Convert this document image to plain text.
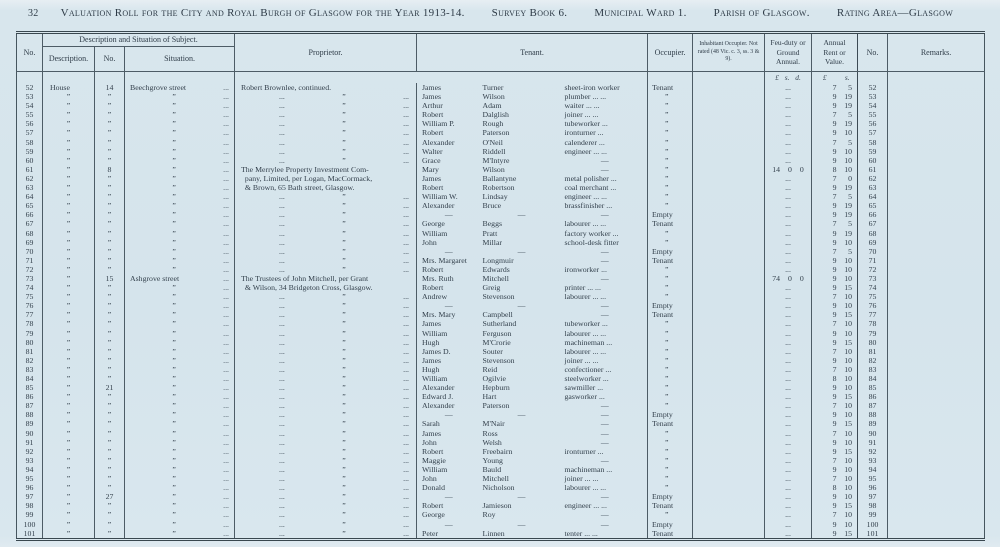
32 Valuation Roll for the City and Royal Burgh of Glasgow for the Year 1913-14. Survey Book 6. Municipal Ward 1. Parish of Glasgow. Rating Area—Glasgow
No.	Description and Situation of Subject.			Proprietor.	Tenant.			Occupier.	Inhabitant Occupier. Not rated (48 Vic. c. 3, ss. 3 & 9).	Feu-duty or Ground Annual.	Annual Rent or Value.		No.	Remarks.
	Description.	No.	Situation.											
										£ s. d.	£	s.		
52	House	14	Beechgrove street ...	Robert Brownlee, continued.	James	Turner	sheet-iron worker	Tenant		...	7	5	52	
53	”	”	” ...	... ” ...	James	Wilson	plumber ... ...	”		...	9	19	53	
54	”	”	” ...	... ” ...	Arthur	Adam	waiter ... ...	”		...	9	19	54	
55	”	”	” ...	... ” ...	Robert	Dalglish	joiner ... ...	”		...	7	5	55	
56	”	”	” ...	... ” ...	William P.	Rough	tubeworker ...	”		...	9	19	56	
57	”	”	” ...	... ” ...	Robert	Paterson	ironturner ...	”		...	9	10	57	
58	”	”	” ...	... ” ...	Alexander	O'Neil	calenderer ...	”		...	7	5	58	
59	”	”	” ...	... ” ...	Walter	Riddell	engineer ... ...	”		...	9	10	59	
60	”	”	” ...	... ” ...	Grace	M'Intyre	—	”		...	9	10	60	
61	”	8	” ...	The Merrylee Property Investment Com-	Mary	Wilson	—	”		14 0 0	8	10	61	
62	”	”	” ...	pany, Limited, per Logan, MacCormack,	James	Ballantyne	metal polisher ...	”		...	7	0	62	
63	”	”	” ...	& Brown, 65 Bath street, Glasgow.	Robert	Robertson	coal merchant ...	”		...	9	19	63	
64	”	”	” ...	... ” ...	William W.	Lindsay	engineer ... ...	”		...	7	5	64	
65	”	”	” ...	... ” ...	Alexander	Bruce	brassfinisher ...	”		...	9	19	65	
66	”	”	” ...	... ” ...	—	—	—	Empty		...	9	19	66	
67	”	”	” ...	... ” ...	George	Beggs	labourer ... ...	Tenant		...	7	5	67	
68	”	”	” ...	... ” ...	William	Pratt	factory worker ...	”		...	9	19	68	
69	”	”	” ...	... ” ...	John	Millar	school-desk fitter	”		...	9	10	69	
70	”	”	” ...	... ” ...	—	—	—	Empty		...	7	5	70	
71	”	”	” ...	... ” ...	Mrs. Margaret	Longmuir	—	Tenant		...	9	10	71	
72	”	”	” ...	... ” ...	Robert	Edwards	ironworker ...	”		...	9	10	72	
73	”	15	Ashgrove street ...	The Trustees of John Mitchell, per Grant	Mrs. Ruth	Mitchell	—	”		74 0 0	9	10	73	
74	”	”	” ...	& Wilson, 34 Bridgeton Cross, Glasgow.	Robert	Greig	printer ... ...	”		...	9	15	74	
75	”	”	” ...	... ” ...	Andrew	Stevenson	labourer ... ...	”		...	7	10	75	
76	”	”	” ...	... ” ...	—	—	—	Empty		...	9	10	76	
77	”	”	” ...	... ” ...	Mrs. Mary	Campbell	—	Tenant		...	9	15	77	
78	”	”	” ...	... ” ...	James	Sutherland	tubeworker ...	”		...	7	10	78	
79	”	”	” ...	... ” ...	William	Ferguson	labourer ... ...	”		...	9	10	79	
80	”	”	” ...	... ” ...	Hugh	M'Crorie	machineman ...	”		...	9	15	80	
81	”	”	” ...	... ” ...	James D.	Souter	labourer ... ...	”		...	7	10	81	
82	”	”	” ...	... ” ...	James	Stevenson	joiner ... ...	”		...	9	10	82	
83	”	”	” ...	... ” ...	Hugh	Reid	confectioner ...	”		...	7	10	83	
84	”	”	” ...	... ” ...	William	Ogilvie	steelworker ...	”		...	8	10	84	
85	”	21	” ...	... ” ...	Alexander	Hepburn	sawmiller ...	”		...	9	10	85	
86	”	”	” ...	... ” ...	Edward J.	Hart	gasworker ...	”		...	9	15	86	
87	”	”	” ...	... ” ...	Alexander	Paterson	—	”		...	7	10	87	
88	”	”	” ...	... ” ...	—	—	—	Empty		...	9	10	88	
89	”	”	” ...	... ” ...	Sarah	M'Nair	—	Tenant		...	9	15	89	
90	”	”	” ...	... ” ...	James	Ross	—	”		...	7	10	90	
91	”	”	” ...	... ” ...	John	Welsh	—	”		...	9	10	91	
92	”	”	” ...	... ” ...	Robert	Freebairn	ironturner ...	”		...	9	15	92	
93	”	”	” ...	... ” ...	Maggie	Young	—	”		...	7	10	93	
94	”	”	” ...	... ” ...	William	Bauld	machineman ...	”		...	9	10	94	
95	”	”	” ...	... ” ...	John	Mitchell	joiner ... ...	”		...	7	10	95	
96	”	”	” ...	... ” ...	Donald	Nicholson	labourer ... ...	”		...	8	10	96	
97	”	27	” ...	... ” ...	—	—	—	Empty		...	9	10	97	
98	”	”	” ...	... ” ...	Robert	Jamieson	engineer ... ...	Tenant		...	9	15	98	
99	”	”	” ...	... ” ...	George	Roy	—	”		...	7	10	99	
100	”	”	” ...	... ” ...	—	—	—	Empty		...	9	10	100	
101	”	”	” ...	... ” ...	Peter	Linnen	tenter ... ...	Tenant		...	9	15	101	
